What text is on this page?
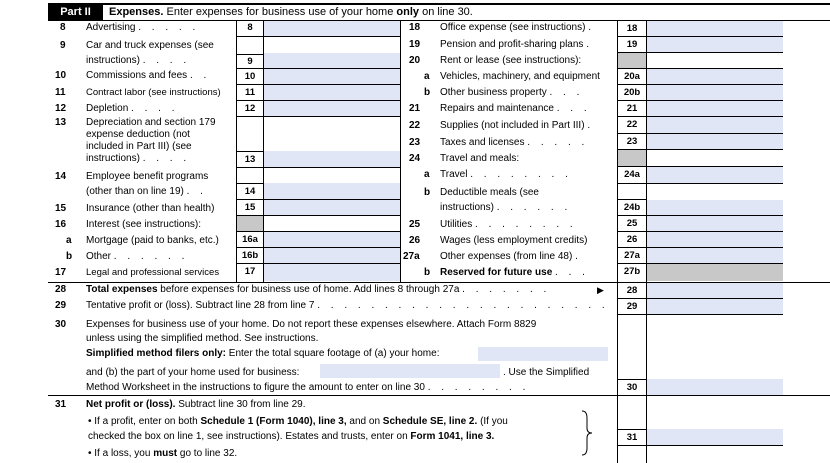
Part II	Expenses. Enter expenses for business use of your home only on line 30.
8 Advertising . . . . .	8
9 Car and truck expenses (see
instructions) . . . .	9
10 Commissions and fees . .	10
11 Contract labor (see instructions)	11
12 Depletion . . . .	12
13 Depreciation and section 179
expense deduction (not
included in Part III) (see
instructions) . . . .	13
14 Employee benefit programs
(other than on line 19) . .	14
15 Insurance (other than health)	15
16 Interest (see instructions):
a Mortgage (paid to banks, etc.)	16a
b Other . . . . . .	16b
17 Legal and professional services	17
18 Office expense (see instructions) .	18
19 Pension and profit-sharing plans .	19
20 Rent or lease (see instructions):
a Vehicles, machinery, and equipment	20a
b Other business property . . .	20b
21 Repairs and maintenance . . .	21
22 Supplies (not included in Part III) .	22
23 Taxes and licenses . . . . .	23
24 Travel and meals:
a Travel . . . . . . . .	24a
b Deductible meals (see
instructions) . . . . . .	24b
25 Utilities . . . . . . . .	25
26 Wages (less employment credits)	26
27a Other expenses (from line 48) .	27a
b Reserved for future use . . .	27b
28 Total expenses before expenses for business use of home. Add lines 8 through 27a . . . . . . .	▶	28
29 Tentative profit or (loss). Subtract line 28 from line 7 . . . . . . . . . . . . . . . . . . . . . .	29
30 Expenses for business use of your home. Do not report these expenses elsewhere. Attach Form 8829
unless using the simplified method. See instructions.
Simplified method filers only: Enter the total square footage of (a) your home:
and (b) the part of your home used for business:	. Use the Simplified
Method Worksheet in the instructions to figure the amount to enter on line 30 . . . . . . . .	30
31 Net profit or (loss). Subtract line 30 from line 29.
• If a profit, enter on both Schedule 1 (Form 1040), line 3, and on Schedule SE, line 2. (If you
checked the box on line 1, see instructions). Estates and trusts, enter on Form 1041, line 3.
• If a loss, you must go to line 32.
31
